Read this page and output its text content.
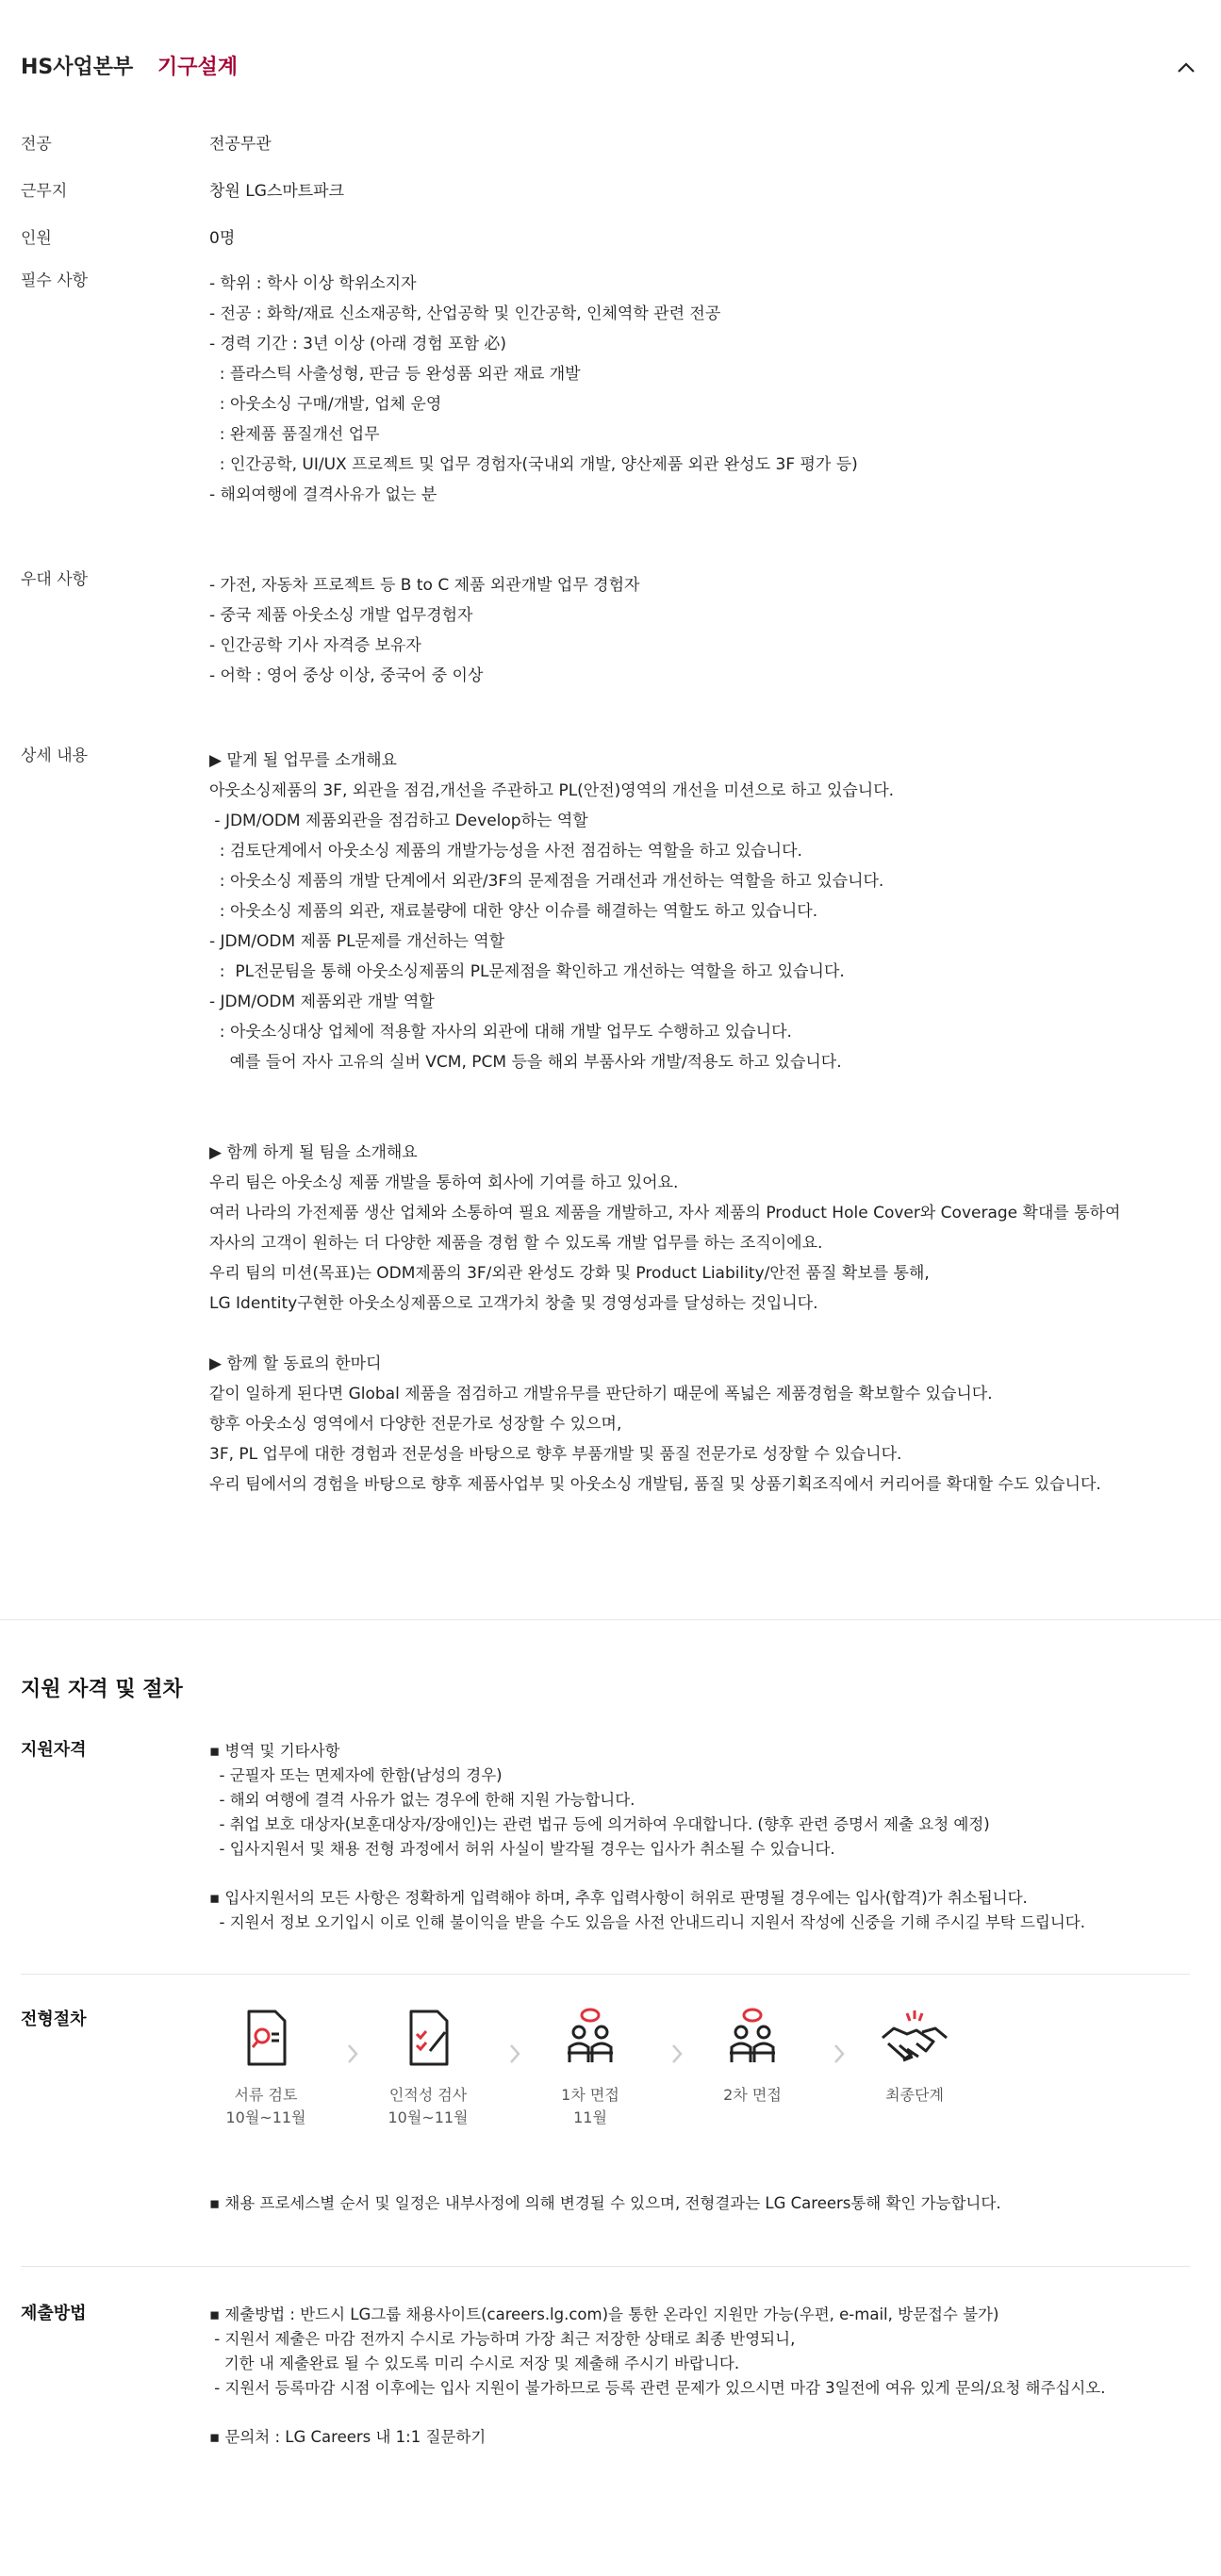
HS사업본부 기구설계
전공	전공무관
근무지	창원 LG스마트파크
인원	0명
필수 사항	- 학위 : 학사 이상 학위소지자
- 전공 : 화학/재료 신소재공학, 산업공학 및 인간공학, 인체역학 관련 전공
- 경력 기간 : 3년 이상 (아래 경험 포함 必)
: 플라스틱 사출성형, 판금 등 완성품 외관 재료 개발
: 아웃소싱 구매/개발, 업체 운영
: 완제품 품질개선 업무
: 인간공학, UI/UX 프로젝트 및 업무 경험자(국내외 개발, 양산제품 외관 완성도 3F 평가 등)
- 해외여행에 결격사유가 없는 분
우대 사항	- 가전, 자동차 프로젝트 등 B to C 제품 외관개발 업무 경험자
- 중국 제품 아웃소싱 개발 업무경험자
- 인간공학 기사 자격증 보유자
- 어학 : 영어 중상 이상, 중국어 중 이상
상세 내용	▶ 맡게 될 업무를 소개해요
아웃소싱제품의 3F, 외관을 점검,개선을 주관하고 PL(안전)영역의 개선을 미션으로 하고 있습니다.
- JDM/ODM 제품외관을 점검하고 Develop하는 역할
: 검토단계에서 아웃소싱 제품의 개발가능성을 사전 점검하는 역할을 하고 있습니다.
: 아웃소싱 제품의 개발 단계에서 외관/3F의 문제점을 거래선과 개선하는 역할을 하고 있습니다.
: 아웃소싱 제품의 외관, 재료불량에 대한 양산 이슈를 해결하는 역할도 하고 있습니다.
- JDM/ODM 제품 PL문제를 개선하는 역할
:  PL전문팀을 통해 아웃소싱제품의 PL문제점을 확인하고 개선하는 역할을 하고 있습니다.
- JDM/ODM 제품외관 개발 역할
: 아웃소싱대상 업체에 적용할 자사의 외관에 대해 개발 업무도 수행하고 있습니다.
예를 들어 자사 고유의 실버 VCM, PCM 등을 해외 부품사와 개발/적용도 하고 있습니다.

▶ 함께 하게 될 팀을 소개해요
우리 팀은 아웃소싱 제품 개발을 통하여 회사에 기여를 하고 있어요.
여러 나라의 가전제품 생산 업체와 소통하여 필요 제품을 개발하고, 자사 제품의 Product Hole Cover와 Coverage 확대를 통하여
자사의 고객이 원하는 더 다양한 제품을 경험 할 수 있도록 개발 업무를 하는 조직이에요.
우리 팀의 미션(목표)는 ODM제품의 3F/외관 완성도 강화 및 Product Liability/안전 품질 확보를 통해,
LG Identity구현한 아웃소싱제품으로 고객가치 창출 및 경영성과를 달성하는 것입니다.

▶ 함께 할 동료의 한마디
같이 일하게 된다면 Global 제품을 점검하고 개발유무를 판단하기 때문에 폭넓은 제품경험을 확보할수 있습니다.
향후 아웃소싱 영역에서 다양한 전문가로 성장할 수 있으며,
3F, PL 업무에 대한 경험과 전문성을 바탕으로 향후 부품개발 및 품질 전문가로 성장할 수 있습니다.
우리 팀에서의 경험을 바탕으로 향후 제품사업부 및 아웃소싱 개발팀, 품질 및 상품기획조직에서 커리어를 확대할 수도 있습니다.
지원 자격 및 절차
지원자격	▪ 병역 및 기타사항
- 군필자 또는 면제자에 한함(남성의 경우)
- 해외 여행에 결격 사유가 없는 경우에 한해 지원 가능합니다.
- 취업 보호 대상자(보훈대상자/장애인)는 관련 법규 등에 의거하여 우대합니다. (향후 관련 증명서 제출 요청 예정)
- 입사지원서 및 채용 전형 과정에서 허위 사실이 발각될 경우는 입사가 취소될 수 있습니다.

▪ 입사지원서의 모든 사항은 정확하게 입력해야 하며, 추후 입력사항이 허위로 판명될 경우에는 입사(합격)가 취소됩니다.
- 지원서 정보 오기입시 이로 인해 불이익을 받을 수도 있음을 사전 안내드리니 지원서 작성에 신중을 기해 주시길 부탁 드립니다.
전형절차
서류 검토
10월~11월
인적성 검사
10월~11월
1차 면접
11월
2차 면접
	최종단계

▪ 채용 프로세스별 순서 및 일정은 내부사정에 의해 변경될 수 있으며, 전형결과는 LG Careers통해 확인 가능합니다.
제출방법	▪ 제출방법 : 반드시 LG그룹 채용사이트(careers.lg.com)을 통한 온라인 지원만 가능(우편, e-mail, 방문접수 불가)
- 지원서 제출은 마감 전까지 수시로 가능하며 가장 최근 저장한 상태로 최종 반영되니,
기한 내 제출완료 될 수 있도록 미리 수시로 저장 및 제출해 주시기 바랍니다.
- 지원서 등록마감 시점 이후에는 입사 지원이 불가하므로 등록 관련 문제가 있으시면 마감 3일전에 여유 있게 문의/요청 해주십시오.

▪ 문의처 : LG Careers 내 1:1 질문하기
